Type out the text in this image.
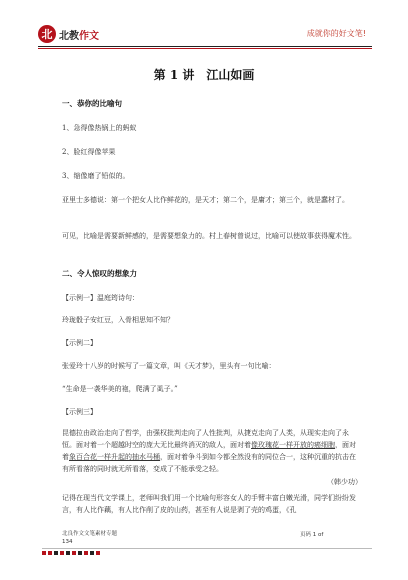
北 北教作文	成就你的好文笔!
第 1 讲　江山如画
一、恭你的比喻句
1、急得像热锅上的蚂蚁
2、脸红得像苹果
3、缩像磨了铅似的。
亚里士多德说：第一个把女人比作鲜花的，是天才；第二个，是庸才；第三个，就是蠢材了。
可见，比喻是需要新鲜感的，是需要想象力的。村上春树曾说过，比喻可以使故事获得魔术性。
二、令人惊叹的想象力
【示例一】温庭筠诗句：
玲珑骰子安红豆，入骨相思知不知？
【示例二】
张爱玲十八岁的时候写了一篇文章，叫《天才梦》，里头有一句比喻：
“生命是一袭华美的袍，爬满了虱子。”
【示例三】
昆德拉由政治走向了哲学，由强权批判走向了人性批判，从捷克走向了人类，从现实走向了永恒。面对着一个超越时空的庞大无比最终消灭的敌人，面对着像玫瑰花一样开放的癌细胞，面对着象百合花一样升起的抽水马桶，面对着争斗到如今都全然没有的同位合一，这种沉重的抗击在有所看落的同时就无所看落，变成了不能承受之轻。
（韩少功）
记得在现当代文学课上，老师叫我们用一个比喻句形容女人的手臂丰富白嫩光滑，同学们纷纷发言，有人比作藕，有人比作削了皮的山药，甚至有人说是剥了壳的鸡蛋，《孔
北良作文文笔素材专题
134
页码 1 of
